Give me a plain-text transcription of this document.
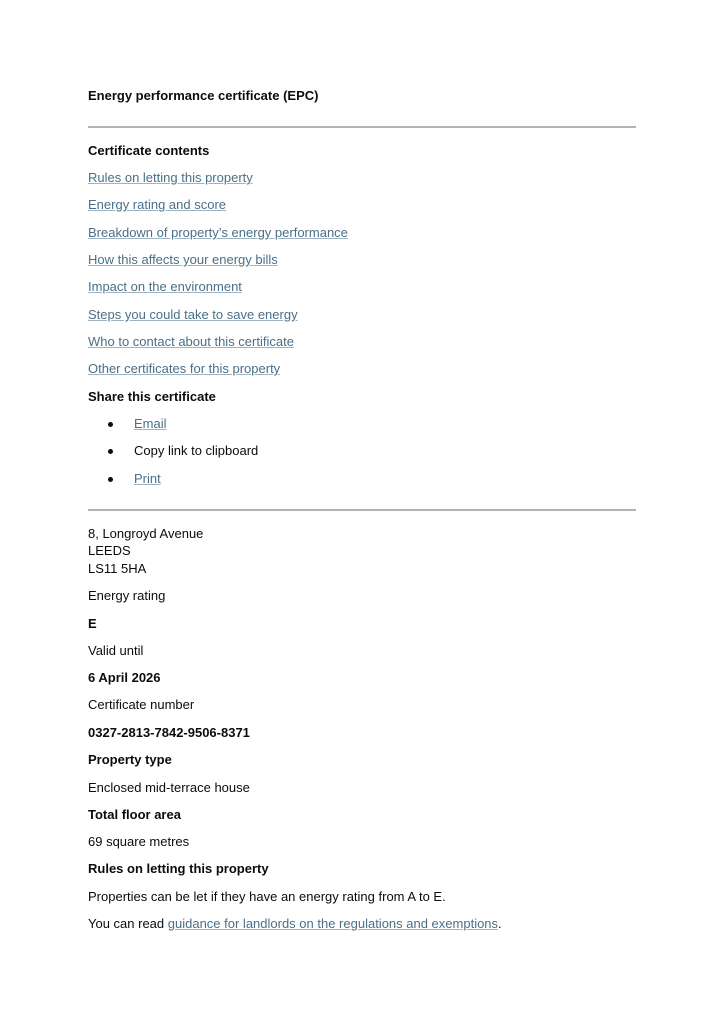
Energy performance certificate (EPC)
Certificate contents
Rules on letting this property
Energy rating and score
Breakdown of property’s energy performance
How this affects your energy bills
Impact on the environment
Steps you could take to save energy
Who to contact about this certificate
Other certificates for this property
Share this certificate
Email
Copy link to clipboard
Print
8, Longroyd Avenue
LEEDS
LS11 5HA
Energy rating
E
Valid until
6 April 2026
Certificate number
0327-2813-7842-9506-8371
Property type
Enclosed mid-terrace house
Total floor area
69 square metres
Rules on letting this property
Properties can be let if they have an energy rating from A to E.
You can read guidance for landlords on the regulations and exemptions.
